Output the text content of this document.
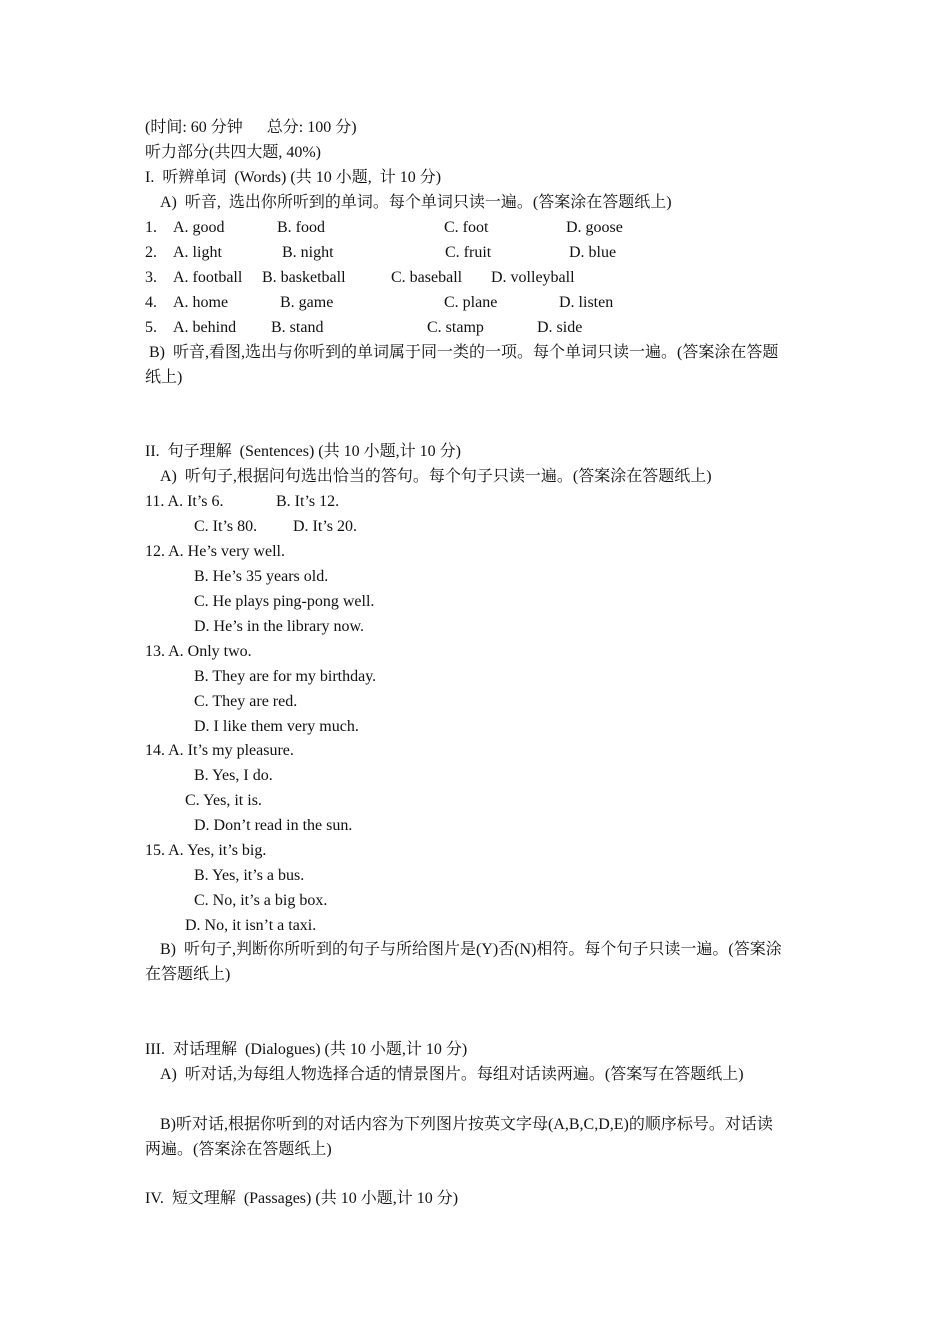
(时间: 60 分钟      总分: 100 分)
听力部分(共四大题, 40%)
I.  听辨单词  (Words) (共 10 小题,  计 10 分)
A)  听音,  选出你所听到的单词。每个单词只读一遍。(答案涂在答题纸上)
1. A. good	B. food	C. foot	D. goose
2. A. light	B. night	C. fruit	D. blue
3. A. football B. basketball	C. baseball D. volleyball
4. A. home	B. game	C. plane	D. listen
5. A. behind B. stand	C. stamp	D. side
B)  听音,看图,选出与你听到的单词属于同一类的一项。每个单词只读一遍。(答案涂在答题
纸上)
II.  句子理解  (Sentences) (共 10 小题,计 10 分)
A)  听句子,根据问句选出恰当的答句。每个句子只读一遍。(答案涂在答题纸上)
11. A. It’s 6.	B. It’s 12.
C. It’s 80. D. It’s 20.
12. A. He’s very well.
B. He’s 35 years old.
C. He plays ping-pong well.
D. He’s in the library now.
13. A. Only two.
B. They are for my birthday.
C. They are red.
D. I like them very much.
14. A. It’s my pleasure.
B. Yes, I do.
C. Yes, it is.
D. Don’t read in the sun.
15. A. Yes, it’s big.
B. Yes, it’s a bus.
C. No, it’s a big box.
D. No, it isn’t a taxi.
B)  听句子,判断你所听到的句子与所给图片是(Y)否(N)相符。每个句子只读一遍。(答案涂
在答题纸上)
III.  对话理解  (Dialogues) (共 10 小题,计 10 分)
A)  听对话,为每组人物选择合适的情景图片。每组对话读两遍。(答案写在答题纸上)
B)听对话,根据你听到的对话内容为下列图片按英文字母(A,B,C,D,E)的顺序标号。对话读
两遍。(答案涂在答题纸上)
IV.  短文理解  (Passages) (共 10 小题,计 10 分)
